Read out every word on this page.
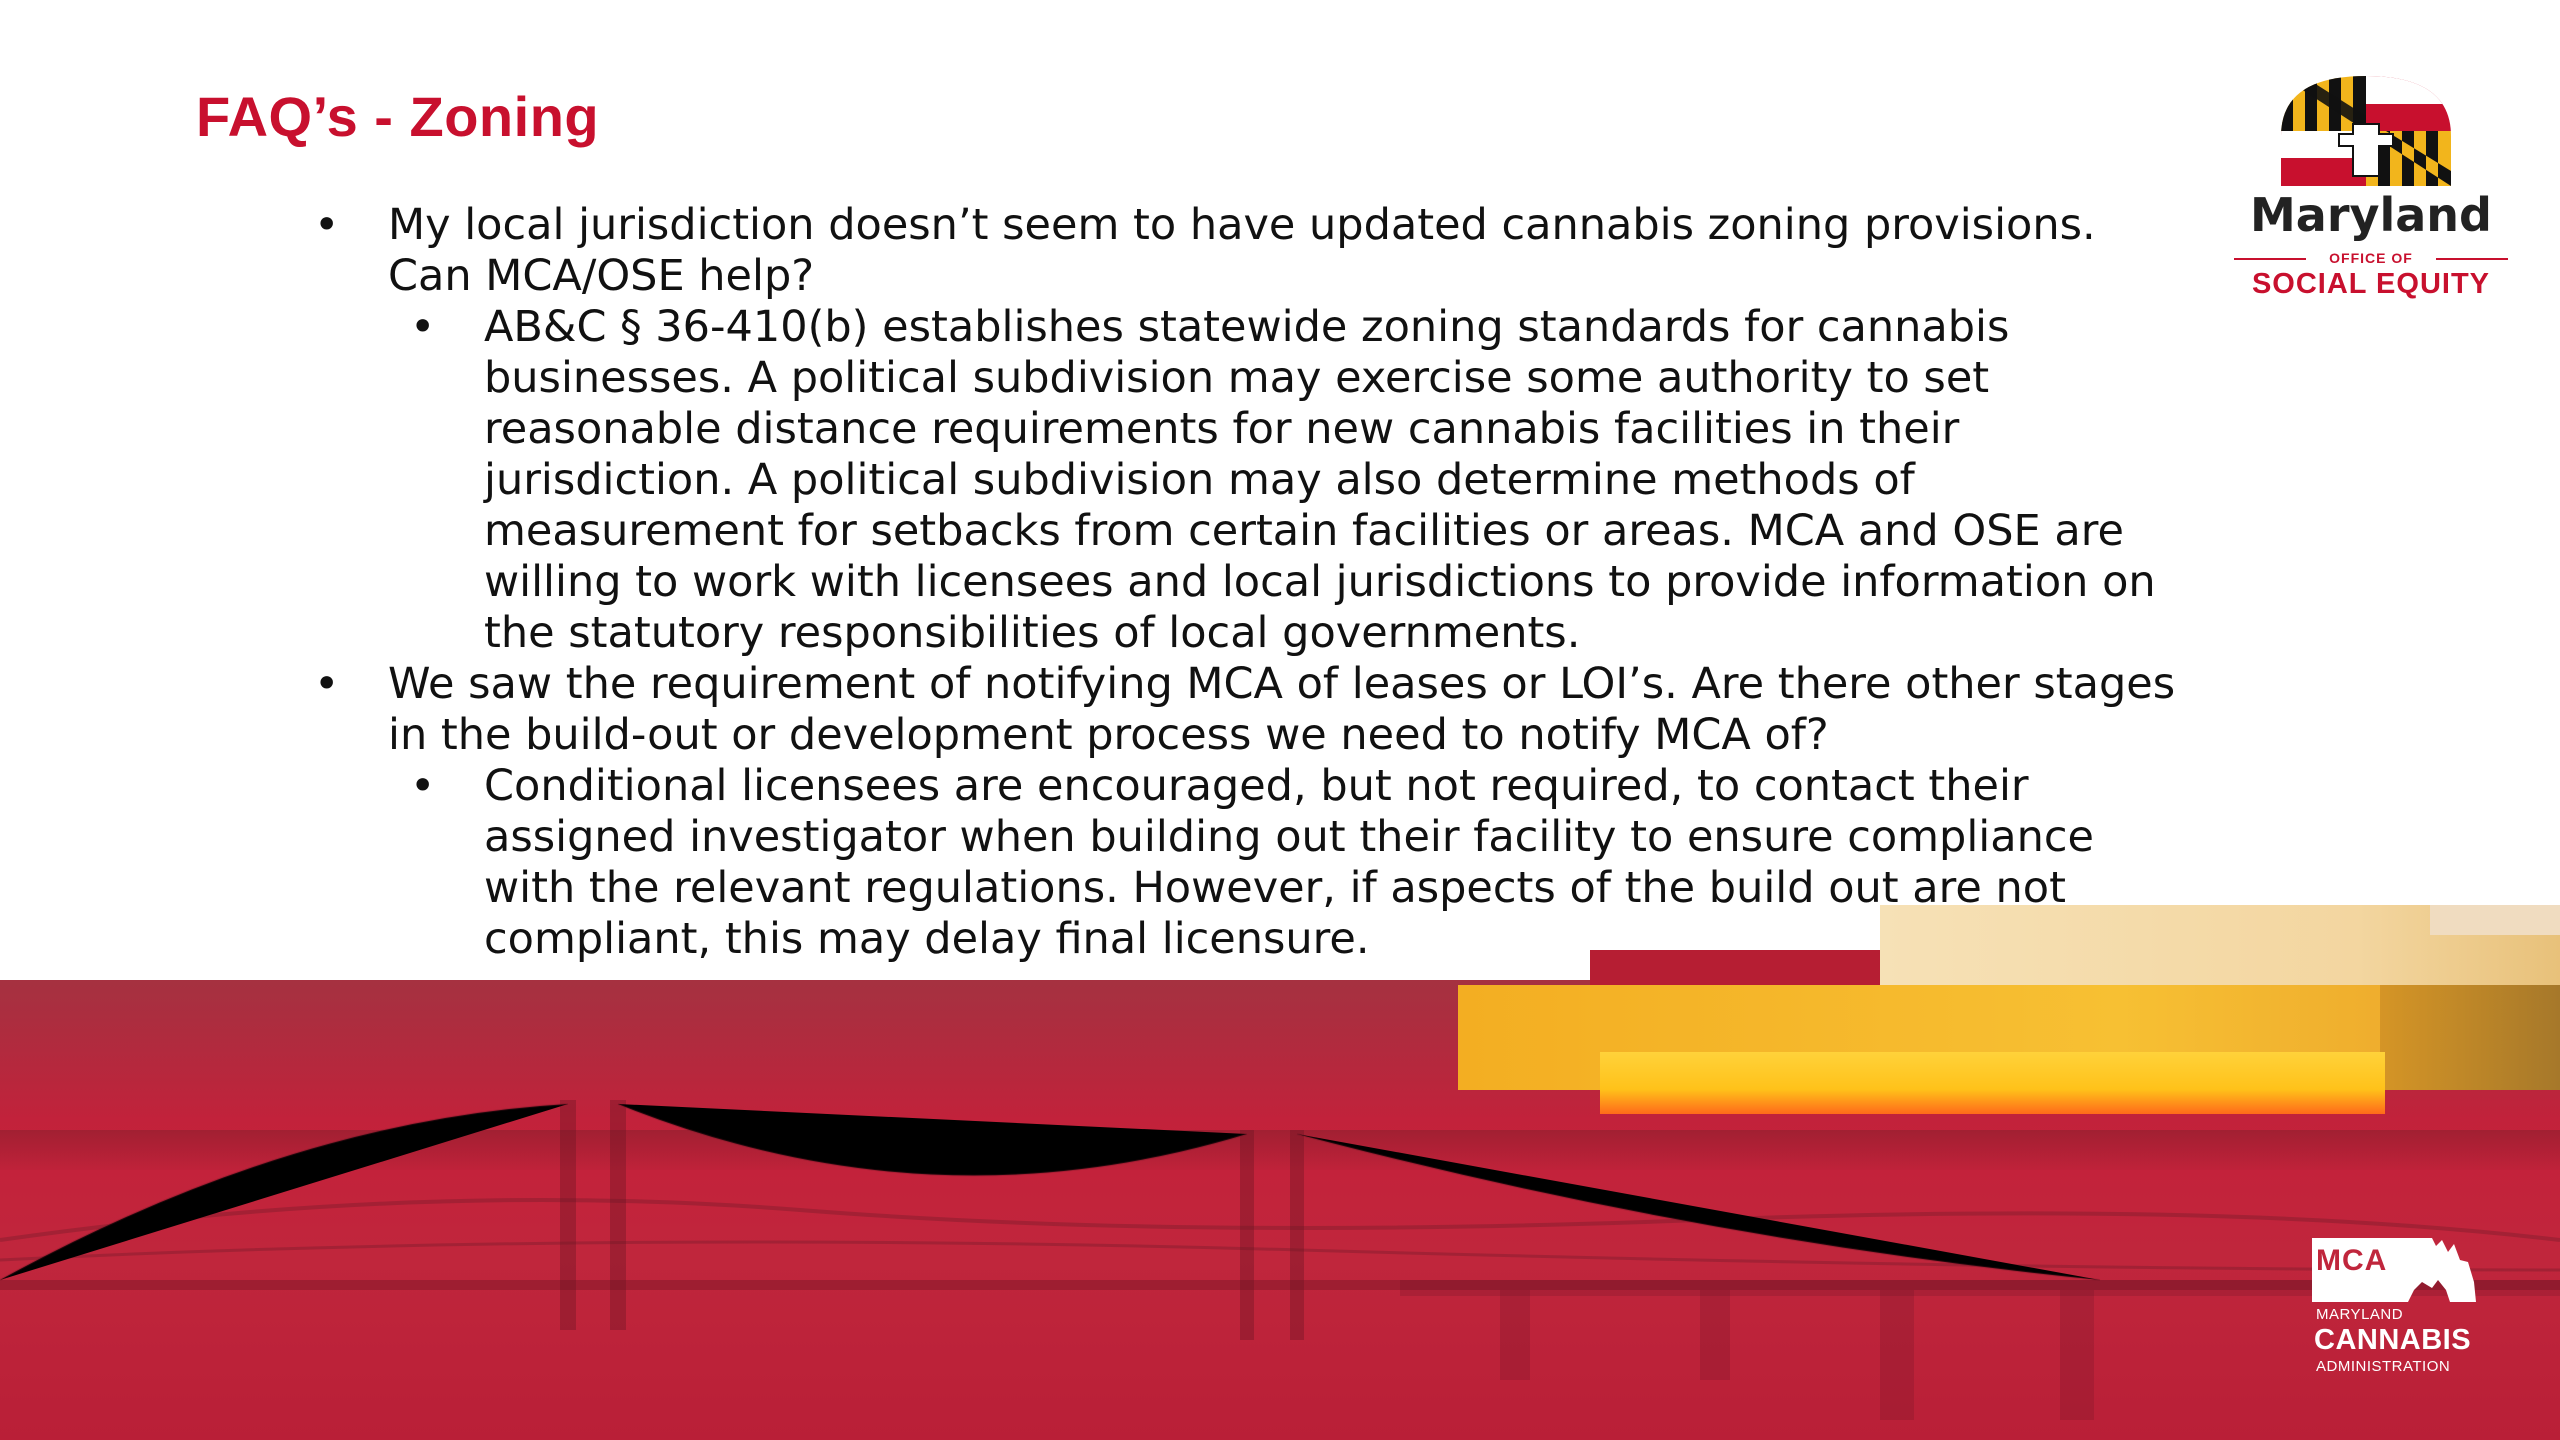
FAQ’s - Zoning
• My local jurisdiction doesn’t seem to have updated cannabis zoning provisions. Can MCA/OSE help?
• AB&C § 36-410(b) establishes statewide zoning standards for cannabis businesses. A political subdivision may exercise some authority to set reasonable distance requirements for new cannabis facilities in their jurisdiction. A political subdivision may also determine methods of measurement for setbacks from certain facilities or areas. MCA and OSE are willing to work with licensees and local jurisdictions to provide information on the statutory responsibilities of local governments.
• We saw the requirement of notifying MCA of leases or LOI’s. Are there other stages in the build-out or development process we need to notify MCA of?
• Conditional licensees are encouraged, but not required, to contact their assigned investigator when building out their facility to ensure compliance with the relevant regulations. However, if aspects of the build out are not compliant, this may delay final licensure.
Maryland
OFFICE OF
SOCIAL EQUITY
MCA
MARYLAND
CANNABIS
ADMINISTRATION
